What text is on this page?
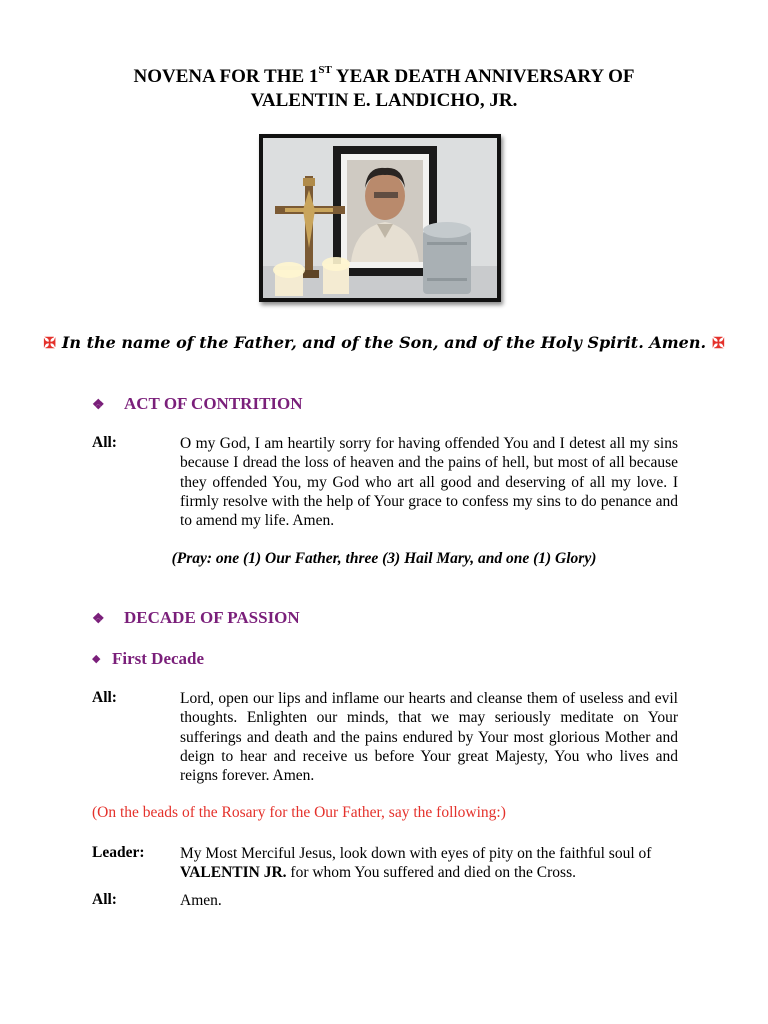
NOVENA FOR THE 1ST YEAR DEATH ANNIVERSARY OF
VALENTIN E. LANDICHO, JR.
✠ In the name of the Father, and of the Son, and of the Holy Spirit. Amen. ✠
❖ ACT OF CONTRITION
All:	O my God, I am heartily sorry for having offended You and I detest all my sins because I dread the loss of heaven and the pains of hell, but most of all because they offended You, my God who art all good and deserving of all my love. I firmly resolve with the help of Your grace to confess my sins to do penance and to amend my life. Amen.
(Pray: one (1) Our Father, three (3) Hail Mary, and one (1) Glory)
❖ DECADE OF PASSION
◆ First Decade
All:	Lord, open our lips and inflame our hearts and cleanse them of useless and evil thoughts. Enlighten our minds, that we may seriously meditate on Your sufferings and death and the pains endured by Your most glorious Mother and deign to hear and receive us before Your great Majesty, You who lives and reigns forever. Amen.
(On the beads of the Rosary for the Our Father, say the following:)
Leader: My Most Merciful Jesus, look down with eyes of pity on the faithful soul of
VALENTIN JR. for whom You suffered and died on the Cross.
All:	Amen.
